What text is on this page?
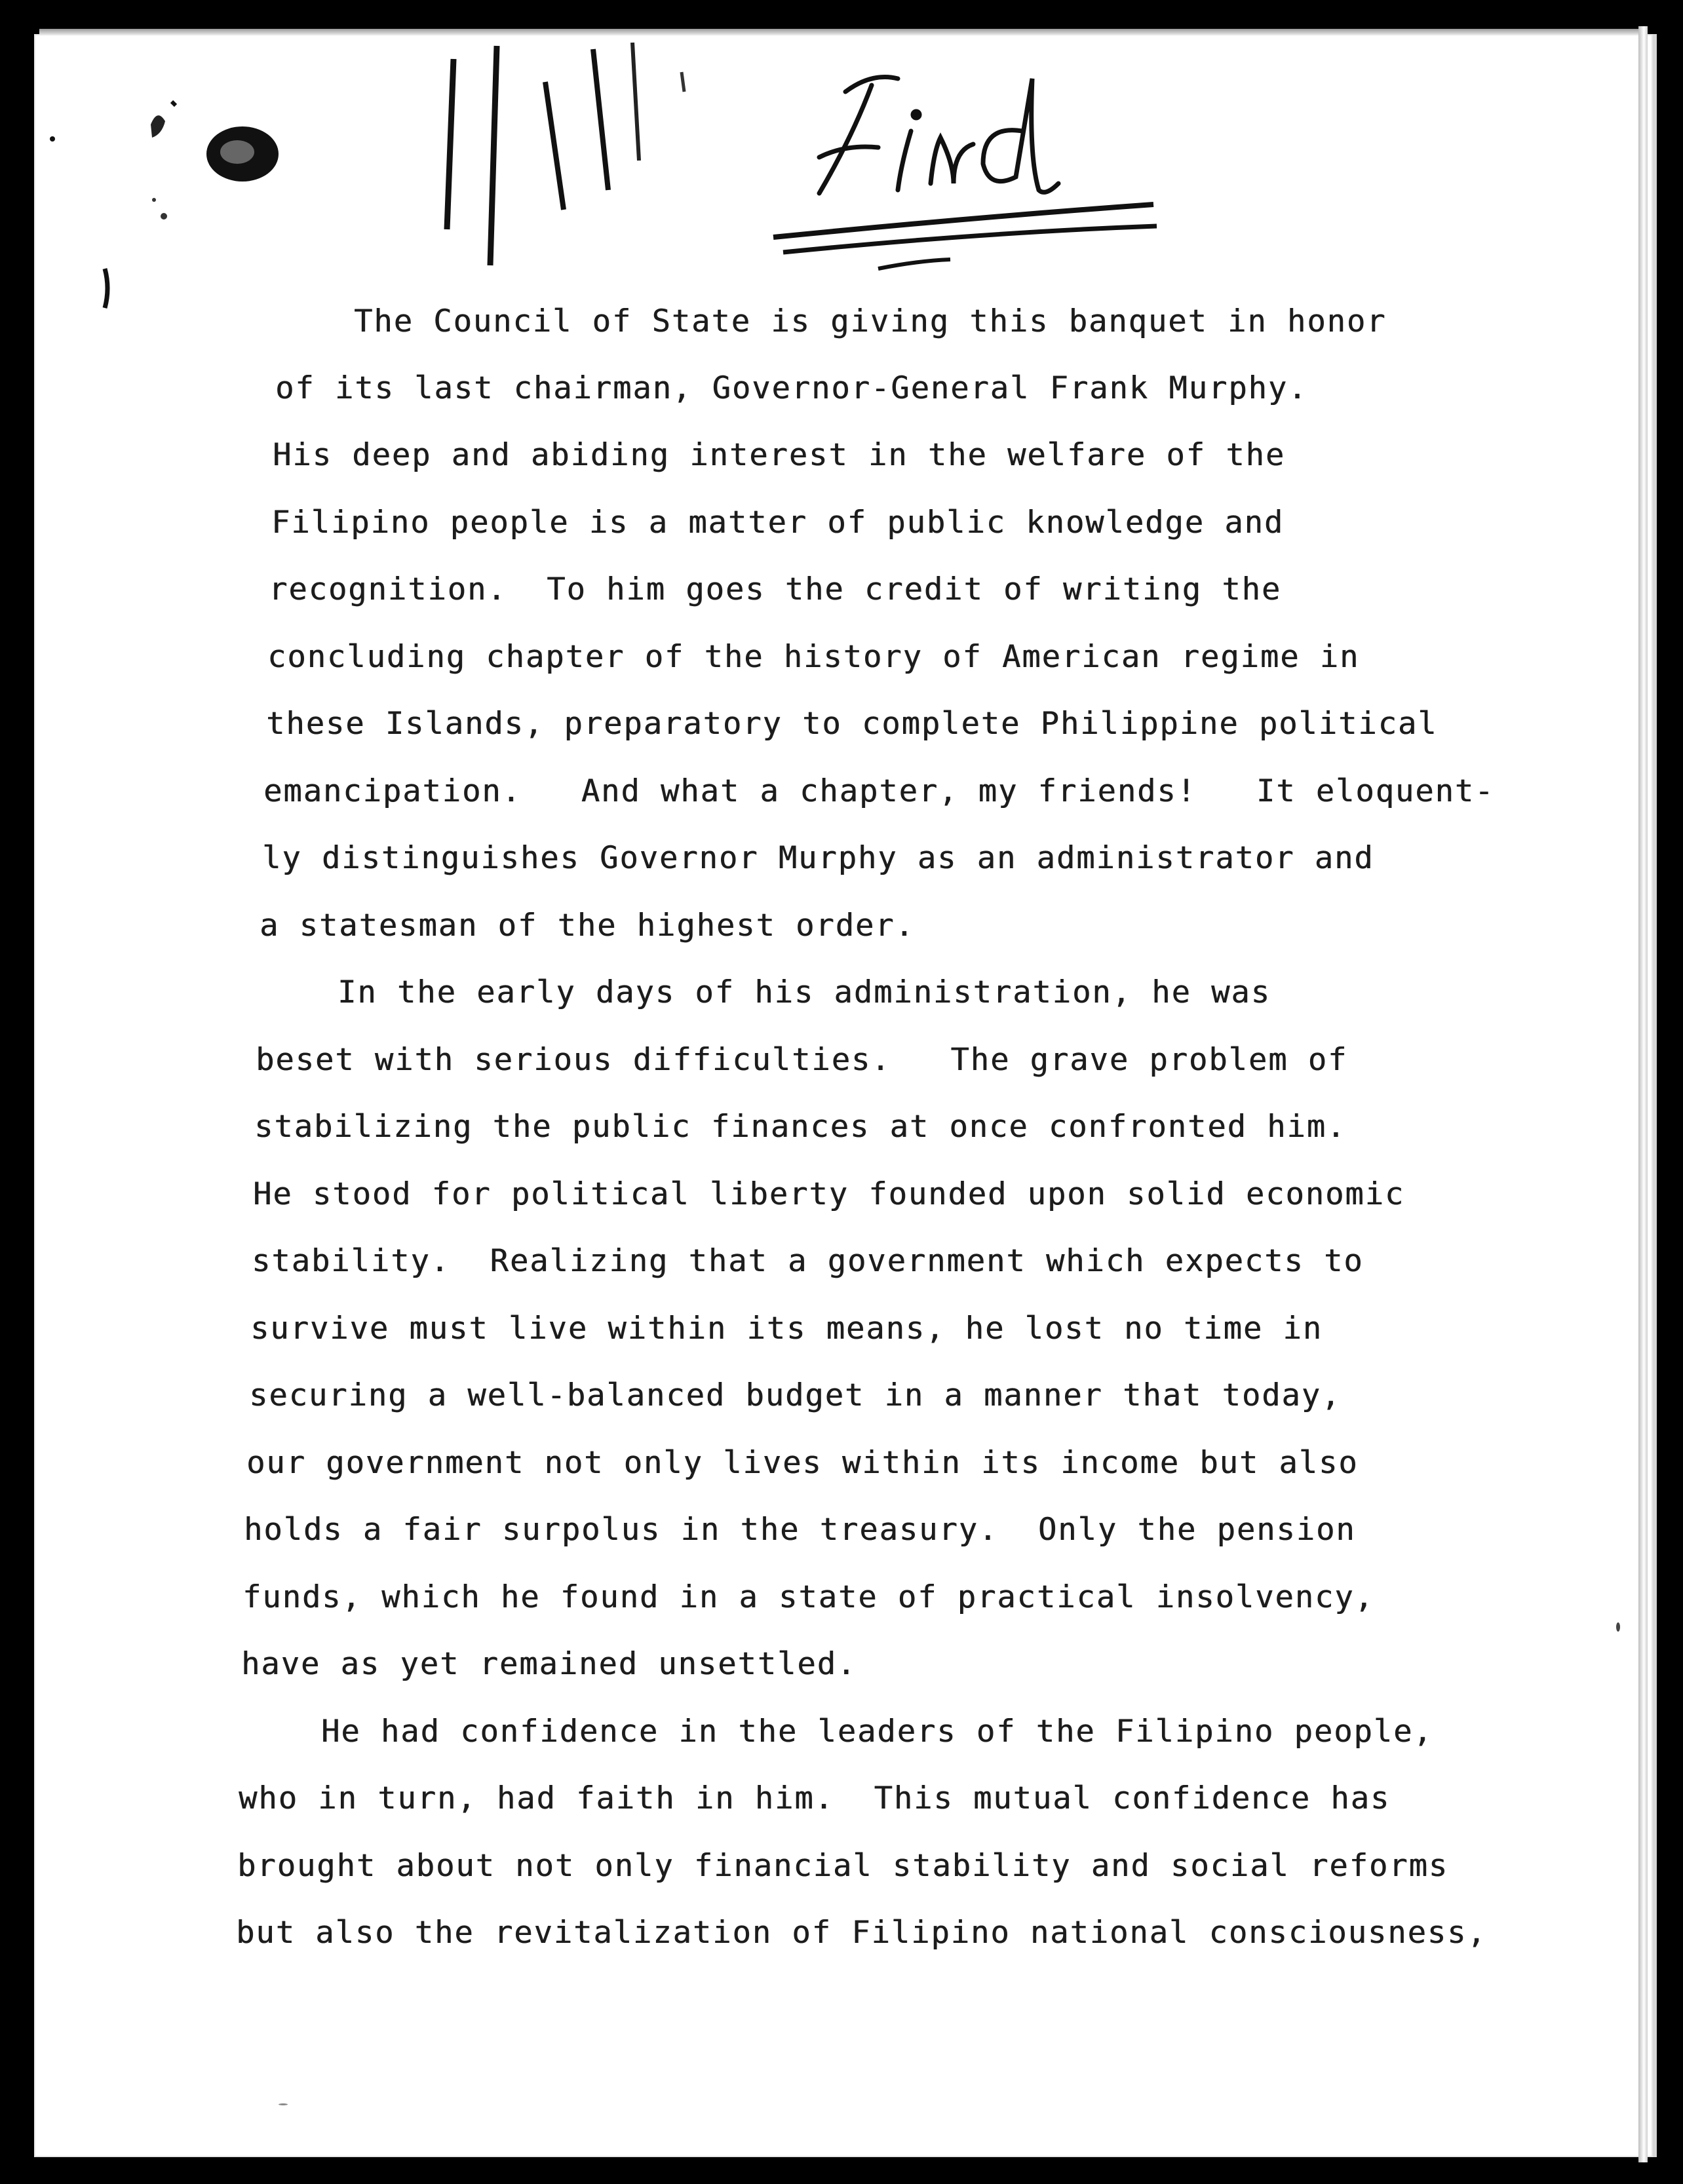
The Council of State is giving this banquet in honor
of its last chairman, Governor-General Frank Murphy.
His deep and abiding interest in the welfare of the
Filipino people is a matter of public knowledge and
recognition.  To him goes the credit of writing the
concluding chapter of the history of American regime in
these Islands, preparatory to complete Philippine political
emancipation.   And what a chapter, my friends!   It eloquent-
ly distinguishes Governor Murphy as an administrator and
a statesman of the highest order.
In the early days of his administration, he was
beset with serious difficulties.   The grave problem of
stabilizing the public finances at once confronted him.
He stood for political liberty founded upon solid economic
stability.  Realizing that a government which expects to
survive must live within its means, he lost no time in
securing a well-balanced budget in a manner that today,
our government not only lives within its income but also
holds a fair surpolus in the treasury.  Only the pension
funds, which he found in a state of practical insolvency,
have as yet remained unsettled.
He had confidence in the leaders of the Filipino people,
who in turn, had faith in him.  This mutual confidence has
brought about not only financial stability and social reforms
but also the revitalization of Filipino national consciousness,
